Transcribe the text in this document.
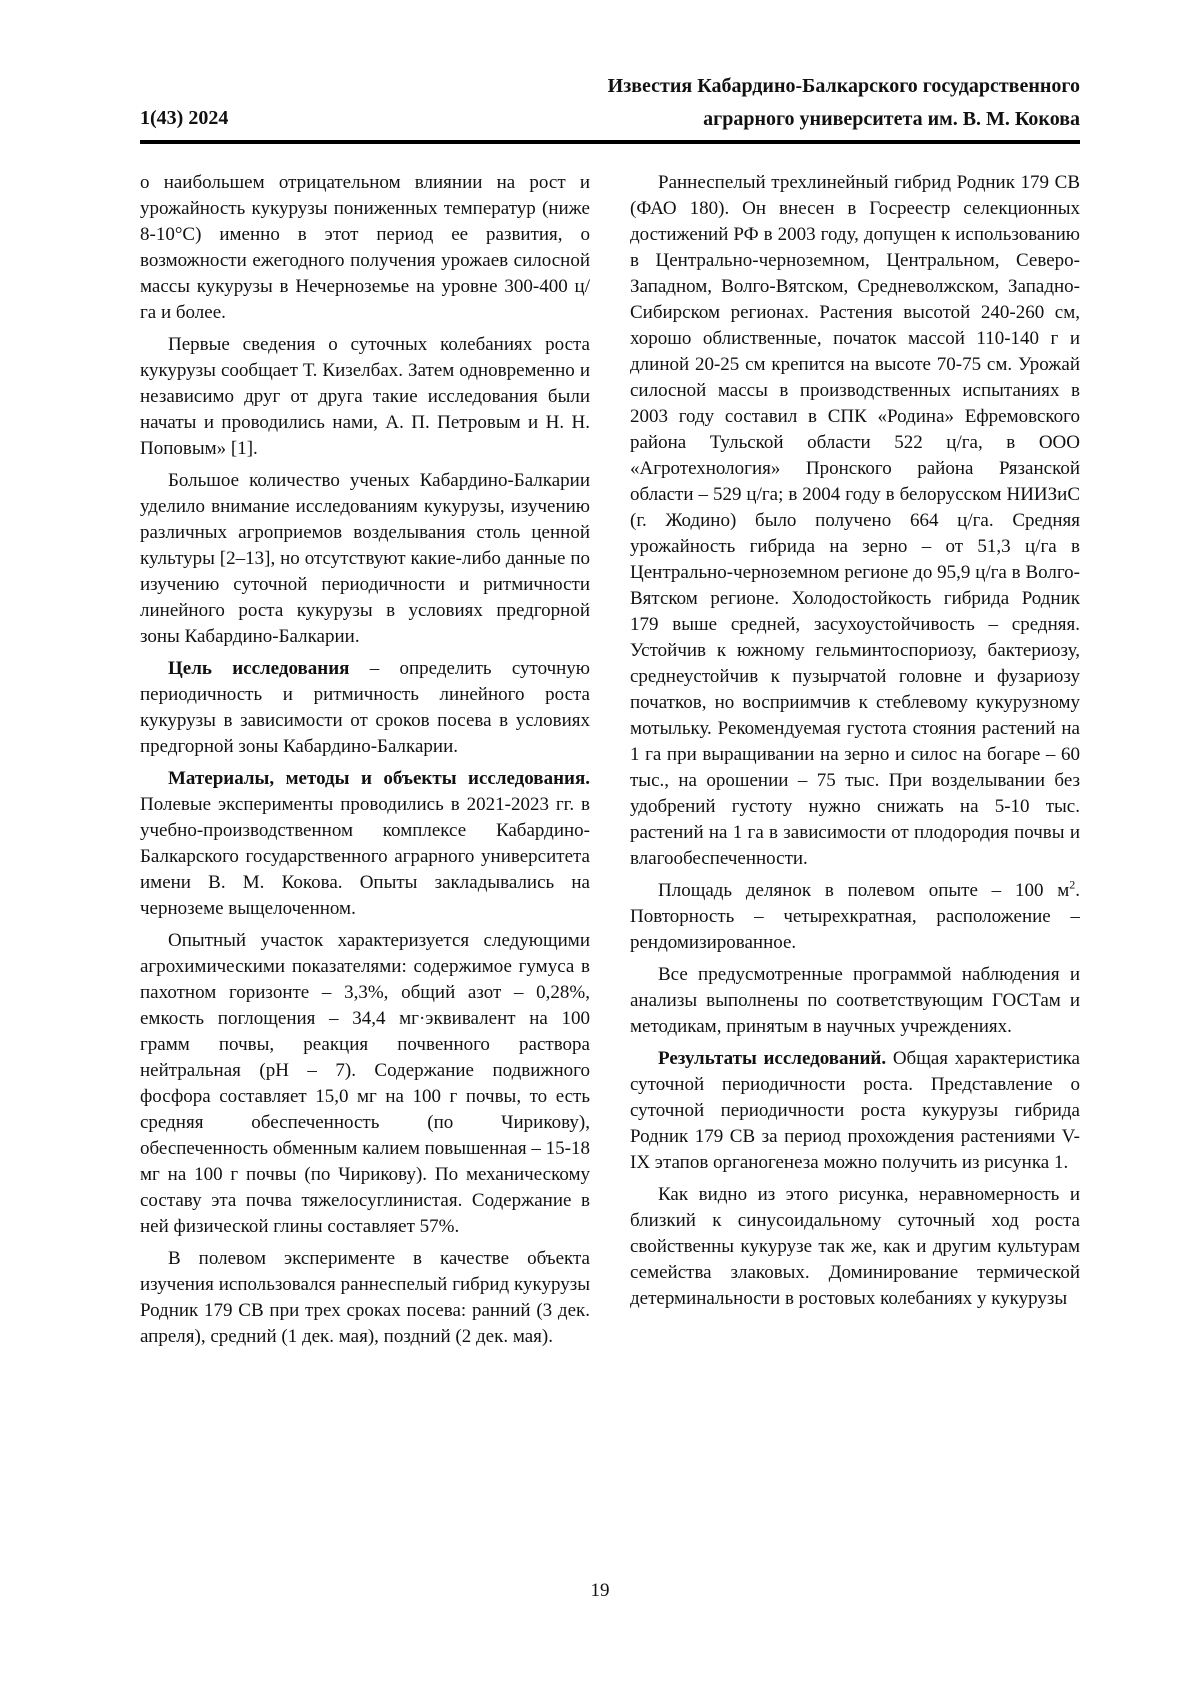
1(43) 2024
Известия Кабардино-Балкарского государственного
аграрного университета им. В. М. Кокова

о наибольшем отрицательном влиянии на рост и урожайность кукурузы пониженных температур (ниже 8-10°С) именно в этот период ее развития, о возможности ежегодного получения урожаев силосной массы кукурузы в Нечерноземье на уровне 300-400 ц/га и более.

Первые сведения о суточных колебаниях роста кукурузы сообщает Т. Кизелбах. Затем одновременно и независимо друг от друга такие исследования были начаты и проводились нами, А. П. Петровым и Н. Н. Поповым» [1].

Большое количество ученых Кабардино-Балкарии уделило внимание исследованиям кукурузы, изучению различных агроприемов возделывания столь ценной культуры [2–13], но отсутствуют какие-либо данные по изучению суточной периодичности и ритмичности линейного роста кукурузы в условиях предгорной зоны Кабардино-Балкарии.

Цель исследования – определить суточную периодичность и ритмичность линейного роста кукурузы в зависимости от сроков посева в условиях предгорной зоны Кабардино-Балкарии.

Материалы, методы и объекты исследования. Полевые эксперименты проводились в 2021-2023 гг. в учебно-производственном комплексе Кабардино-Балкарского государственного аграрного университета имени В. М. Кокова. Опыты закладывались на черноземе выщелоченном.

Опытный участок характеризуется следующими агрохимическими показателями: содержимое гумуса в пахотном горизонте – 3,3%, общий азот – 0,28%, емкость поглощения – 34,4 мг·эквивалент на 100 грамм почвы, реакция почвенного раствора нейтральная (рН – 7). Содержание подвижного фосфора составляет 15,0 мг на 100 г почвы, то есть средняя обеспеченность (по Чирикову), обеспеченность обменным калием повышенная – 15-18 мг на 100 г почвы (по Чирикову). По механическому составу эта почва тяжелосуглинистая. Содержание в ней физической глины составляет 57%.

В полевом эксперименте в качестве объекта изучения использовался раннеспелый гибрид кукурузы Родник 179 СВ при трех сроках посева: ранний (3 дек. апреля), средний (1 дек. мая), поздний (2 дек. мая).

Раннеспелый трехлинейный гибрид Родник 179 СВ (ФАО 180). Он внесен в Госреестр селекционных достижений РФ в 2003 году, допущен к использованию в Центрально-черноземном, Центральном, Северо-Западном, Волго-Вятском, Средневолжском, Западно-Сибирском регионах. Растения высотой 240-260 см, хорошо облиственные, початок массой 110-140 г и длиной 20-25 см крепится на высоте 70-75 см. Урожай силосной массы в производственных испытаниях в 2003 году составил в СПК «Родина» Ефремовского района Тульской области 522 ц/га, в ООО «Агротехнология» Пронского района Рязанской области – 529 ц/га; в 2004 году в белорусском НИИЗиС (г. Жодино) было получено 664 ц/га. Средняя урожайность гибрида на зерно – от 51,3 ц/га в Центрально-черноземном регионе до 95,9 ц/га в Волго-Вятском регионе. Холодостойкость гибрида Родник 179 выше средней, засухоустойчивость – средняя. Устойчив к южному гельминтоспориозу, бактериозу, среднеустойчив к пузырчатой головне и фузариозу початков, но восприимчив к стеблевому кукурузному мотыльку. Рекомендуемая густота стояния растений на 1 га при выращивании на зерно и силос на богаре – 60 тыс., на орошении – 75 тыс. При возделывании без удобрений густоту нужно снижать на 5-10 тыс. растений на 1 га в зависимости от плодородия почвы и влагообеспеченности.

Площадь делянок в полевом опыте – 100 $м^2$. Повторность – четырехкратная, расположение – рендомизированное.

Все предусмотренные программой наблюдения и анализы выполнены по соответствующим ГОСТам и методикам, принятым в научных учреждениях.

Результаты исследований. Общая характеристика суточной периодичности роста. Представление о суточной периодичности роста кукурузы гибрида Родник 179 СВ за период прохождения растениями V-IX этапов органогенеза можно получить из рисунка 1.

Как видно из этого рисунка, неравномерность и близкий к синусоидальному суточный ход роста свойственны кукурузе так же, как и другим культурам семейства злаковых. Доминирование термической детерминальности в ростовых колебаниях у кукурузы

19
